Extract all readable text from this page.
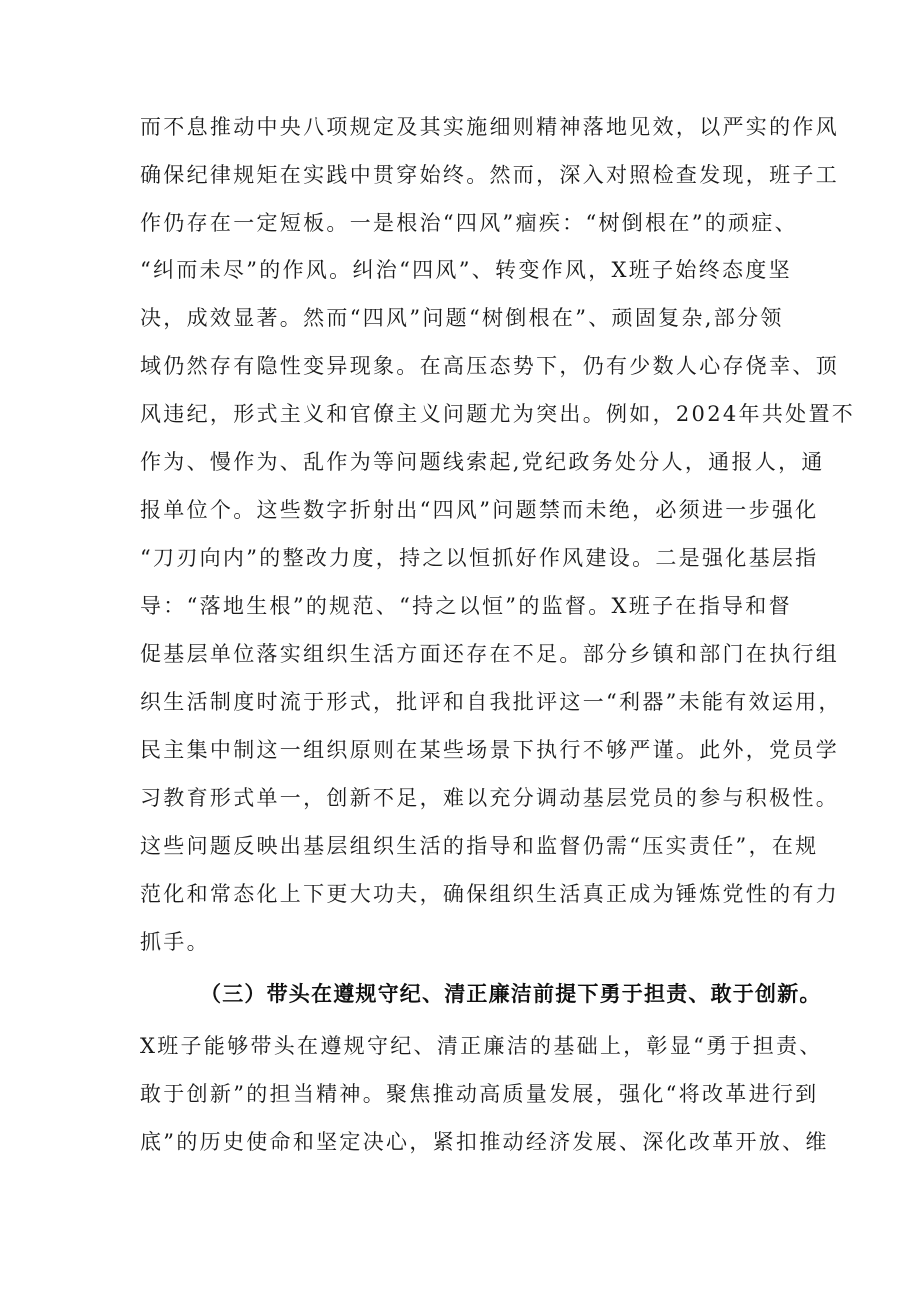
而不息推动中央八项规定及其实施细则精神落地见效，以严实的作风
确保纪律规矩在实践中贯穿始终。然而，深入对照检查发现，班子工
作仍存在一定短板。一是根治“四风”痼疾：“树倒根在”的顽症、
“纠而未尽”的作风。纠治“四风”、转变作风，X班子始终态度坚
决，成效显著。然而“四风”问题“树倒根在”、顽固复杂,部分领
域仍然存有隐性变异现象。在高压态势下，仍有少数人心存侥幸、顶
风违纪，形式主义和官僚主义问题尤为突出。例如，2024年共处置不
作为、慢作为、乱作为等问题线索起,党纪政务处分人，通报人，通
报单位个。这些数字折射出“四风”问题禁而未绝，必须进一步强化
“刀刃向内”的整改力度，持之以恒抓好作风建设。二是强化基层指
导：“落地生根”的规范、“持之以恒”的监督。X班子在指导和督
促基层单位落实组织生活方面还存在不足。部分乡镇和部门在执行组
织生活制度时流于形式，批评和自我批评这一“利器”未能有效运用，
民主集中制这一组织原则在某些场景下执行不够严谨。此外，党员学
习教育形式单一，创新不足，难以充分调动基层党员的参与积极性。
这些问题反映出基层组织生活的指导和监督仍需“压实责任”，在规
范化和常态化上下更大功夫，确保组织生活真正成为锤炼党性的有力
抓手。
（三）带头在遵规守纪、清正廉洁前提下勇于担责、敢于创新。
X班子能够带头在遵规守纪、清正廉洁的基础上，彰显“勇于担责、
敢于创新”的担当精神。聚焦推动高质量发展，强化“将改革进行到
底”的历史使命和坚定决心，紧扣推动经济发展、深化改革开放、维
